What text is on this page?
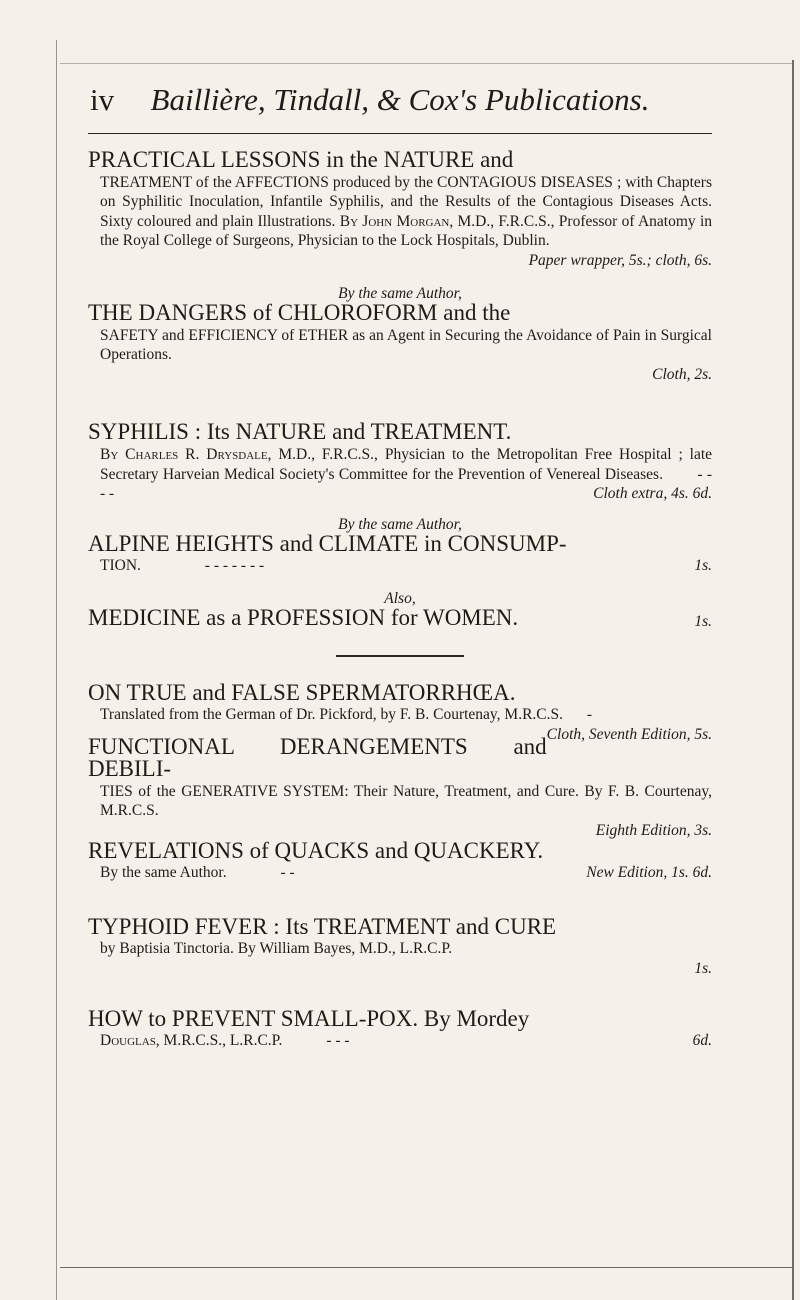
iv	Baillière, Tindall, & Cox's Publications.
PRACTICAL LESSONS in the NATURE and
TREATMENT of the AFFECTIONS produced by the CONTAGIOUS DISEASES ; with Chapters on Syphilitic Inoculation, Infantile Syphilis, and the Results of the Contagious Diseases Acts. Sixty coloured and plain Illustrations. By John Morgan, M.D., F.R.C.S., Professor of Anatomy in the Royal College of Surgeons, Physician to the Lock Hospitals, Dublin.
Paper wrapper, 5s.; cloth, 6s.
By the same Author,
THE DANGERS of CHLOROFORM and the
SAFETY and EFFICIENCY of ETHER as an Agent in Securing the Avoidance of Pain in Surgical Operations.
Cloth, 2s.
SYPHILIS : Its NATURE and TREATMENT.
By Charles R. Drysdale, M.D., F.R.C.S., Physician to the Metropolitan Free Hospital ; late Secretary Harveian Medical Society's Committee for the Prevention of Venereal Diseases. - - - -	Cloth extra, 4s. 6d.
By the same Author,
ALPINE HEIGHTS and CLIMATE in CONSUMP-
TION.	- - - - - - -	1s.
Also,
MEDICINE as a PROFESSION for WOMEN.	1s.
ON TRUE and FALSE SPERMATORRHŒA.
Translated from the German of Dr. Pickford, by F. B. Courtenay, M.R.C.S. -
Cloth, Seventh Edition, 5s.
FUNCTIONAL DERANGEMENTS and DEBILI-
TIES of the GENERATIVE SYSTEM: Their Nature, Treatment, and Cure. By F. B. Courtenay, M.R.C.S.
Eighth Edition, 3s.
REVELATIONS of QUACKS and QUACKERY.
By the same Author.	- -	New Edition, 1s. 6d.
TYPHOID FEVER : Its TREATMENT and CURE
by Baptisia Tinctoria. By William Bayes, M.D., L.R.C.P.
1s.
HOW to PREVENT SMALL-POX. By Mordey
Douglas, M.R.C.S., L.R.C.P.	- - -	6d.
